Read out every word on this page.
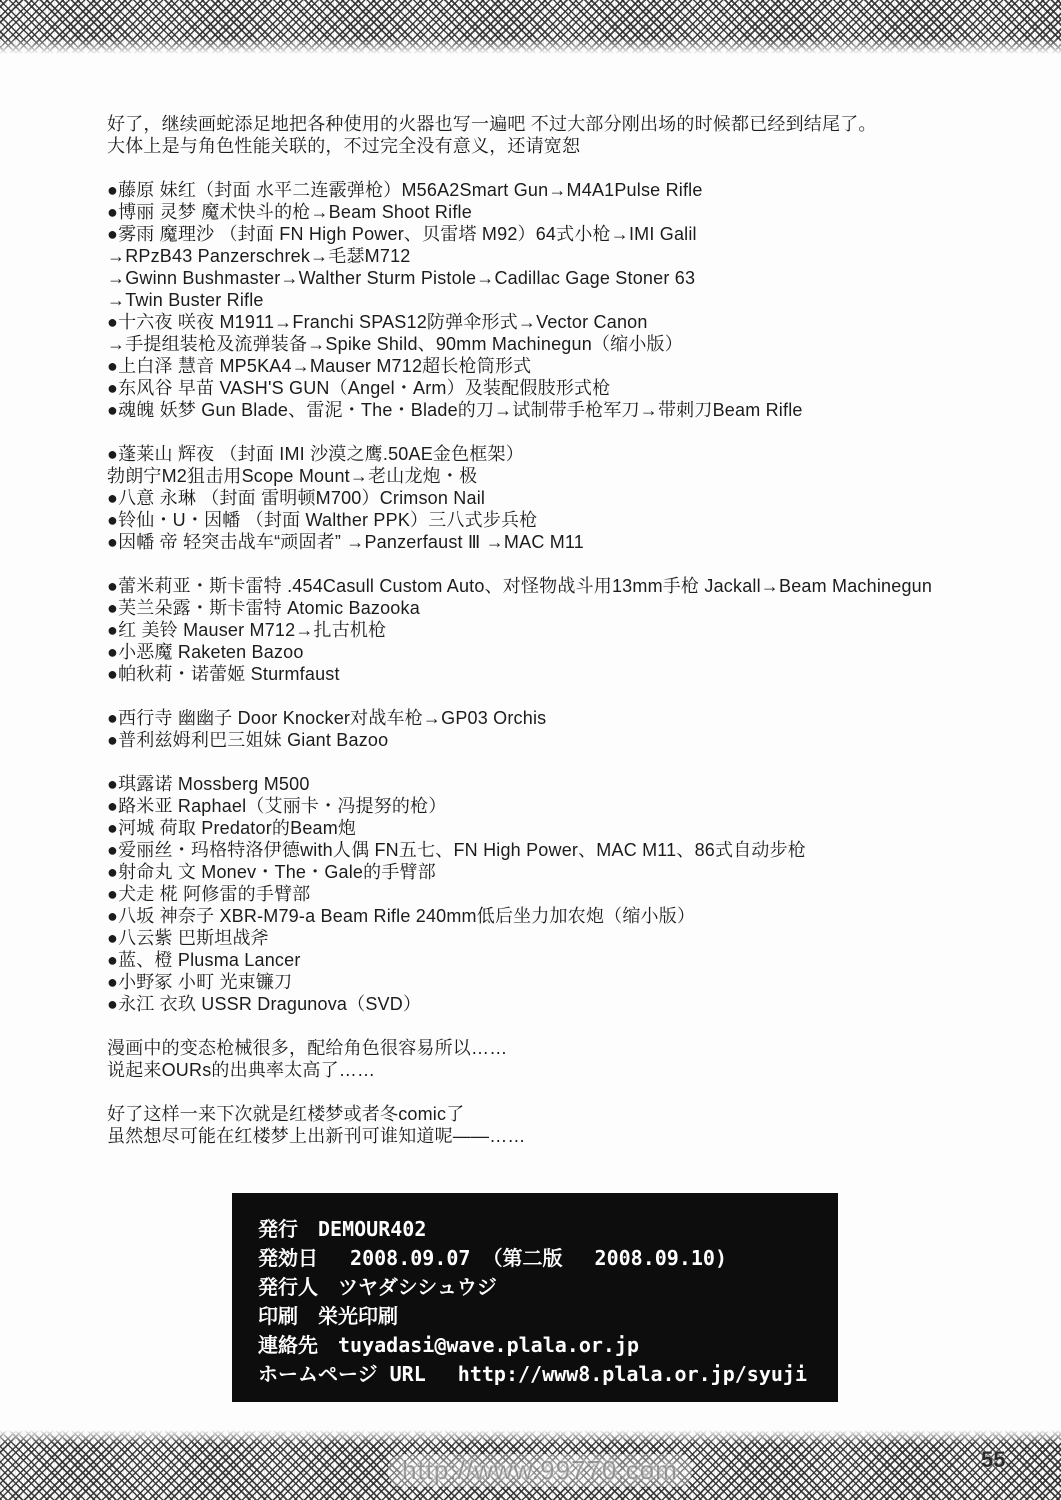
好了，继续画蛇添足地把各种使用的火器也写一遍吧 不过大部分刚出场的时候都已经到结尾了。
大体上是与角色性能关联的，不过完全没有意义，还请宽恕
●藤原 妹红（封面 水平二连霰弹枪）M56A2Smart Gun→M4A1Pulse Rifle
●博丽 灵梦 魔术快斗的枪→Beam Shoot Rifle
●雾雨 魔理沙 （封面 FN High Power、贝雷塔 M92）64式小枪→IMI Galil
→RPzB43 Panzerschrek→毛瑟M712
→Gwinn Bushmaster→Walther Sturm Pistole→Cadillac Gage Stoner 63
→Twin Buster Rifle
●十六夜 咲夜 M1911→Franchi SPAS12防弹伞形式→Vector Canon
→手提组装枪及流弹装备→Spike Shild、90mm Machinegun（缩小版）
●上白泽 慧音 MP5KA4→Mauser M712超长枪筒形式
●东风谷 早苗 VASH'S GUN（Angel・Arm）及装配假肢形式枪
●魂魄 妖梦 Gun Blade、雷泥・The・Blade的刀→试制带手枪军刀→带刺刀Beam Rifle
●蓬莱山 辉夜 （封面 IMI 沙漠之鹰.50AE金色框架）
勃朗宁M2狙击用Scope Mount→老山龙炮・极
●八意 永琳 （封面 雷明顿M700）Crimson Nail
●铃仙・U・因幡 （封面 Walther PPK）三八式步兵枪
●因幡 帝 轻突击战车“顽固者” →Panzerfaust Ⅲ →MAC M11
●蕾米莉亚・斯卡雷特 .454Casull Custom Auto、对怪物战斗用13mm手枪 Jackall→Beam Machinegun
●芙兰朵露・斯卡雷特 Atomic Bazooka
●红 美铃 Mauser M712→扎古机枪
●小恶魔 Raketen Bazoo
●帕秋莉・诺蕾姬 Sturmfaust
●西行寺 幽幽子 Door Knocker对战车枪→GP03 Orchis
●普利兹姆利巴三姐妹 Giant Bazoo
●琪露诺 Mossberg M500
●路米亚 Raphael（艾丽卡・冯提努的枪）
●河城 荷取 Predator的Beam炮
●爱丽丝・玛格特洛伊德with人偶 FN五七、FN High Power、MAC M11、86式自动步枪
●射命丸 文 Monev・The・Gale的手臂部
●犬走 椛 阿修雷的手臂部
●八坂 神奈子 XBR-M79-a Beam Rifle 240mm低后坐力加农炮（缩小版）
●八云紫 巴斯坦战斧
●蓝、橙 Plusma Lancer
●小野冢 小町 光束镰刀
●永江 衣玖 USSR Dragunova（SVD）
漫画中的变态枪械很多，配给角色很容易所以……
说起来OURs的出典率太高了……
好了这样一来下次就是红楼梦或者冬comic了
虽然想尽可能在红楼梦上出新刊可谁知道呢——……
発行　DEMOUR402
発効日　 2008.09.07 （第二版　 2008.09.10)
発行人　ツヤダシシュウジ
印刷　栄光印刷
連絡先　tuyadasi@wave.plala.or.jp
ホームページ URL　 http://www8.plala.or.jp/syuji
http://www.99770.com	55
